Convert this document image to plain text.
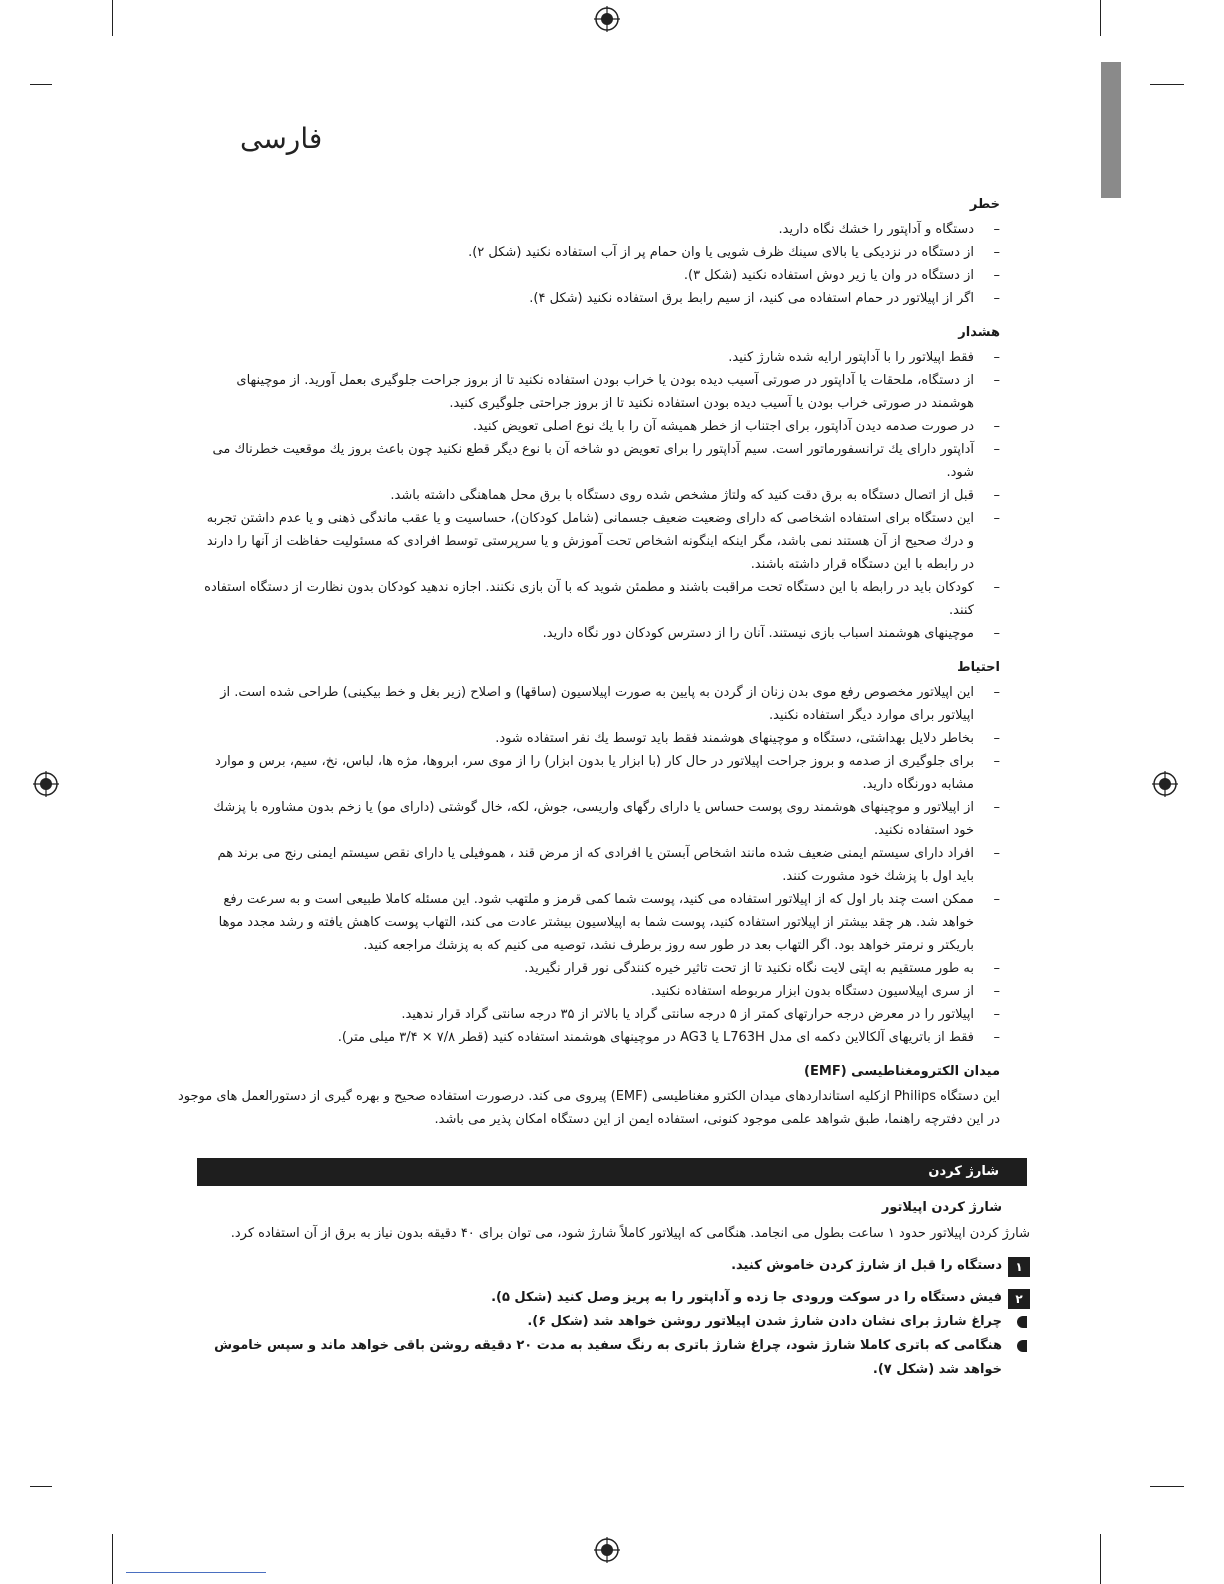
فارسی
خطر
– دستگاه و آداپتور را خشك نگاه دارید.
– از دستگاه در نزدیكی یا بالای سینك ظرف شویی یا وان حمام پر از آب استفاده نكنید (شکل ۲).
– از دستگاه در وان یا زیر دوش استفاده نكنید (شکل ۳).
– اگر از اپیلاتور در حمام استفاده می كنید، از سیم رابط برق استفاده نكنید (شکل ۴).
هشدار
– فقط اپیلاتور را با آداپتور ارایه شده شارژ كنید.
– از دستگاه، ملحقات یا آداپتور در صورتی آسیب دیده بودن یا خراب بودن استفاده نكنید تا از بروز جراحت جلوگیری بعمل آورید. از موچینهای هوشمند در صورتی خراب بودن یا آسیب دیده بودن استفاده نكنید تا از بروز جراحتی جلوگیری كنید.
– در صورت صدمه دیدن آداپتور، برای اجتناب از خطر همیشه آن را با یك نوع اصلی تعویض كنید.
– آداپتور دارای یك ترانسفورماتور است. سیم آداپتور را برای تعویض دو شاخه آن با نوع دیگر قطع نكنید چون باعث بروز یك موقعیت خطرناك می شود.
– قبل از اتصال دستگاه به برق دقت كنید كه ولتاژ مشخص شده روی دستگاه با برق محل هماهنگی داشته باشد.
– این دستگاه برای استفاده اشخاصی كه دارای وضعیت ضعیف جسمانی (شامل كودكان)، حساسیت و یا عقب ماندگی ذهنی و یا عدم داشتن تجربه و درك صحیح از آن هستند نمی باشد، مگر اینكه اینگونه اشخاص تحت آموزش و یا سرپرستی توسط افرادی كه مسئولیت حفاظت از آنها را دارند در رابطه با این دستگاه قرار داشته باشند.
– كودكان باید در رابطه با این دستگاه تحت مراقبت باشند و مطمئن شوید كه با آن بازی نكنند. اجازه ندهید كودكان بدون نظارت از دستگاه استفاده كنند.
– موچینهای هوشمند اسباب بازی نیستند. آنان را از دسترس كودكان دور نگاه دارید.
احتیاط
– این اپیلاتور مخصوص رفع موی بدن زنان از گردن به پایین به صورت اپیلاسیون (ساقها) و اصلاح (زیر بغل و خط بیكینی) طراحی شده است. از اپیلاتور برای موارد دیگر استفاده نكنید.
– بخاطر دلایل بهداشتی، دستگاه و موچینهای هوشمند فقط باید توسط یك نفر استفاده شود.
– برای جلوگیری از صدمه و بروز جراحت اپیلاتور در حال كار (با ابزار یا بدون ابزار) را از موی سر، ابروها، مژه ها، لباس، نخ، سیم، برس و موارد مشابه دورنگاه دارید.
– از اپیلاتور و موچینهای هوشمند روی پوست حساس یا دارای رگهای واریسی، جوش، لكه، خال گوشتی (دارای مو) یا زخم بدون مشاوره با پزشك خود استفاده نكنید.
– افراد دارای سیستم ایمنی ضعیف شده مانند اشخاص آبستن یا افرادی كه از مرض قند ، هموفیلی یا دارای نقص سیستم ایمنی رنج می برند هم باید اول با پزشك خود مشورت كنند.
– ممكن است چند بار اول كه از اپیلاتور استفاده می كنید، پوست شما كمی قرمز و ملتهب شود. این مسئله كاملا طبیعی است و به سرعت رفع خواهد شد. هر چقد بیشتر از اپیلاتور استفاده كنید، پوست شما به اپیلاسیون بیشتر عادت می كند، التهاب پوست كاهش یافته و رشد مجدد موها باریكتر و نرمتر خواهد بود. اگر التهاب بعد در طور سه روز برطرف نشد، توصیه می كنیم كه به پزشك مراجعه كنید.
– به طور مستقیم به اپتی لایت نگاه نكنید تا از تحت تاثیر خیره كنندگی نور قرار نگیرید.
– از سری اپیلاسیون دستگاه بدون ابزار مربوطه استفاده نكنید.
– اپیلاتور را در معرض درجه حرارتهای كمتر از ۵ درجه سانتی گراد یا بالاتر از ۳۵ درجه سانتی گراد قرار ندهید.
– فقط از باتریهای آلكالاین دكمه ای مدل L763H یا AG3 در موچینهای هوشمند استفاده كنید (قطر ۷/۸ × ۳/۴ میلی متر).
میدان الكترومغناطیسی (EMF)
این دستگاه Philips ازكلیه استانداردهای میدان الكترو مغناطیسی (EMF) پیروی می كند. درصورت استفاده صحیح و بهره گیری از دستورالعمل های موجود در این دفترچه راهنما، طبق شواهد علمی موجود كنونی، استفاده ایمن از این دستگاه امكان پذیر می باشد.
شارژ كردن
شارژ كردن اپیلاتور
شارژ كردن اپیلاتور حدود ۱ ساعت بطول می انجامد. هنگامی كه اپیلاتور كاملاً شارژ شود، می توان برای ۴۰ دقیقه بدون نیاز به برق از آن استفاده كرد.
۱
دستگاه را قبل از شارژ كردن خاموش كنید.
۲
فیش دستگاه را در سوكت ورودی جا زده و آداپتور را به پریز وصل كنید (شکل ۵).
چراغ شارژ برای نشان دادن شارژ شدن اپیلاتور روشن خواهد شد (شکل ۶).
هنگامی كه باتری كاملا شارژ شود، چراغ شارژ باتری به رنگ سفید به مدت ۲۰ دقیقه روشن باقی خواهد ماند و سپس خاموش خواهد شد (شکل ۷).
